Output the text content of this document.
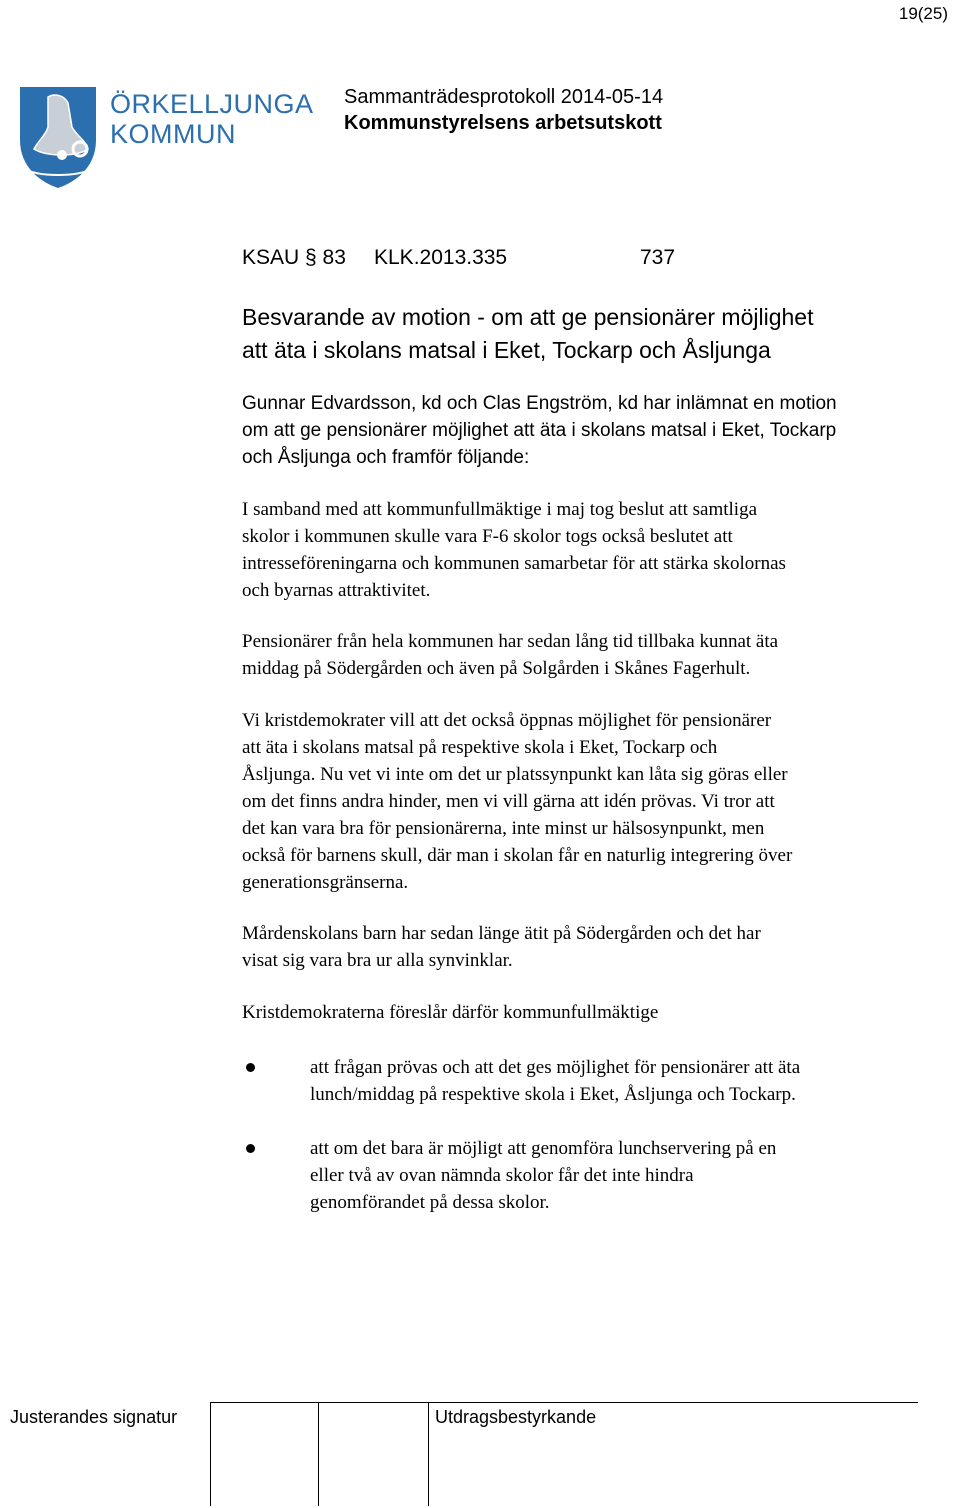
19(25)
ÖRKELLJUNGA
KOMMUN
Sammanträdesprotokoll 2014-05-14
Kommunstyrelsens arbetsutskott
KSAU § 83 KLK.2013.335	737
Besvarande av motion - om att ge pensionärer möjlighet
att äta i skolans matsal i Eket, Tockarp och Åsljunga
Gunnar Edvardsson, kd och Clas Engström, kd har inlämnat en motion
om att ge pensionärer möjlighet att äta i skolans matsal i Eket, Tockarp
och Åsljunga och framför följande:
I samband med att kommunfullmäktige i maj tog beslut att samtliga
skolor i kommunen skulle vara F-6 skolor togs också beslutet att
intresseföreningarna och kommunen samarbetar för att stärka skolornas
och byarnas attraktivitet.
Pensionärer från hela kommunen har sedan lång tid tillbaka kunnat äta
middag på Södergården och även på Solgården i Skånes Fagerhult.
Vi kristdemokrater vill att det också öppnas möjlighet för pensionärer
att äta i skolans matsal på respektive skola i Eket, Tockarp och
Åsljunga. Nu vet vi inte om det ur platssynpunkt kan låta sig göras eller
om det finns andra hinder, men vi vill gärna att idén prövas. Vi tror att
det kan vara bra för pensionärerna, inte minst ur hälsosynpunkt, men
också för barnens skull, där man i skolan får en naturlig integrering över
generationsgränserna.
Mårdenskolans barn har sedan länge ätit på Södergården och det har
visat sig vara bra ur alla synvinklar.
Kristdemokraterna föreslår därför kommunfullmäktige
att frågan prövas och att det ges möjlighet för pensionärer att äta
lunch/middag på respektive skola i Eket, Åsljunga och Tockarp.
att om det bara är möjligt att genomföra lunchservering på en
eller två av ovan nämnda skolor får det inte hindra
genomförandet på dessa skolor.
Justerandes signatur	Utdragsbestyrkande
